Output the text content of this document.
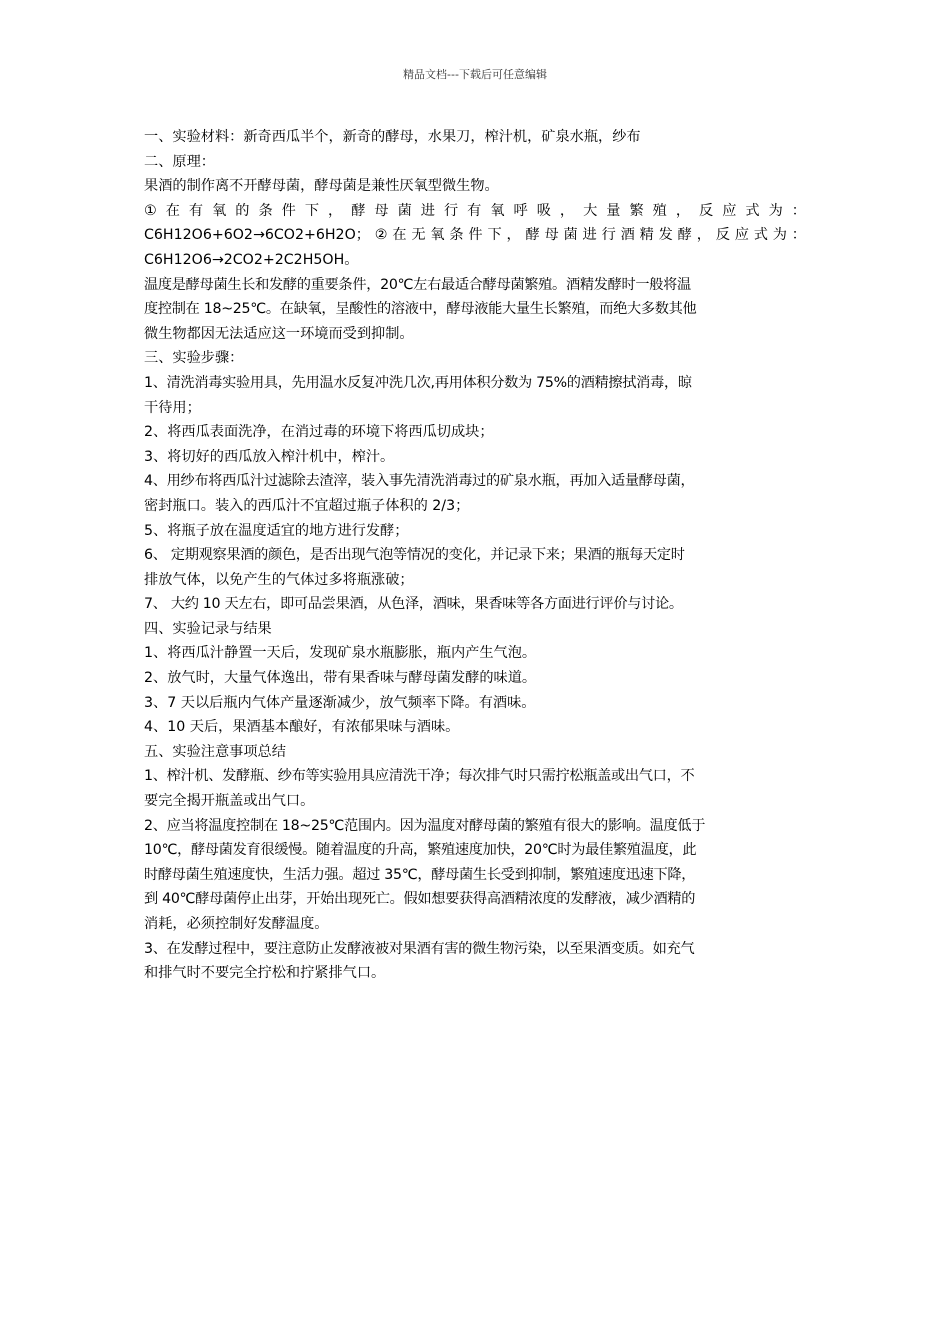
精品文档---下载后可任意编辑
一、实验材料：新奇西瓜半个，新奇的酵母，水果刀，榨汁机，矿泉水瓶，纱布
二、原理：
果酒的制作离不开酵母菌，酵母菌是兼性厌氧型微生物。
① 在 有 氧 的 条 件 下 ， 酵 母 菌 进 行 有 氧 呼 吸 ， 大 量 繁 殖 ， 反 应 式 为 ：
C6H12O6+6O2→6CO2+6H2O；②在无氧条件下，酵母菌进行酒精发酵，反应式为：
C6H12O6→2CO2+2C2H5OH。
温度是酵母菌生长和发酵的重要条件，20℃左右最适合酵母菌繁殖。酒精发酵时一般将温
度控制在 18~25℃。在缺氧，呈酸性的溶液中，酵母液能大量生长繁殖，而绝大多数其他
微生物都因无法适应这一环境而受到抑制。
三、实验步骤：
1、清洗消毒实验用具，先用温水反复冲洗几次,再用体积分数为 75%的酒精擦拭消毒，晾
干待用；
2、将西瓜表面洗净，在消过毒的环境下将西瓜切成块；
3、将切好的西瓜放入榨汁机中，榨汁。
4、用纱布将西瓜汁过滤除去渣滓，装入事先清洗消毒过的矿泉水瓶，再加入适量酵母菌，
密封瓶口。装入的西瓜汁不宜超过瓶子体积的 2/3；
5、将瓶子放在温度适宜的地方进行发酵；
6、 定期观察果酒的颜色，是否出现气泡等情况的变化，并记录下来；果酒的瓶每天定时
排放气体，以免产生的气体过多将瓶涨破；
7、 大约 10 天左右，即可品尝果酒，从色泽，酒味，果香味等各方面进行评价与讨论。
四、实验记录与结果
1、将西瓜汁静置一天后，发现矿泉水瓶膨胀，瓶内产生气泡。
2、放气时，大量气体逸出，带有果香味与酵母菌发酵的味道。
3、7 天以后瓶内气体产量逐渐减少，放气频率下降。有酒味。
4、10 天后，果酒基本酿好，有浓郁果味与酒味。
五、实验注意事项总结
1、榨汁机、发酵瓶、纱布等实验用具应清洗干净；每次排气时只需拧松瓶盖或出气口，不
要完全揭开瓶盖或出气口。
2、应当将温度控制在 18~25℃范围内。因为温度对酵母菌的繁殖有很大的影响。温度低于
10℃，酵母菌发育很缓慢。随着温度的升高，繁殖速度加快，20℃时为最佳繁殖温度，此
时酵母菌生殖速度快，生活力强。超过 35℃，酵母菌生长受到抑制，繁殖速度迅速下降，
到 40℃酵母菌停止出芽，开始出现死亡。假如想要获得高酒精浓度的发酵液，减少酒精的
消耗，必须控制好发酵温度。
3、在发酵过程中，要注意防止发酵液被对果酒有害的微生物污染，以至果酒变质。如充气
和排气时不要完全拧松和拧紧排气口。
